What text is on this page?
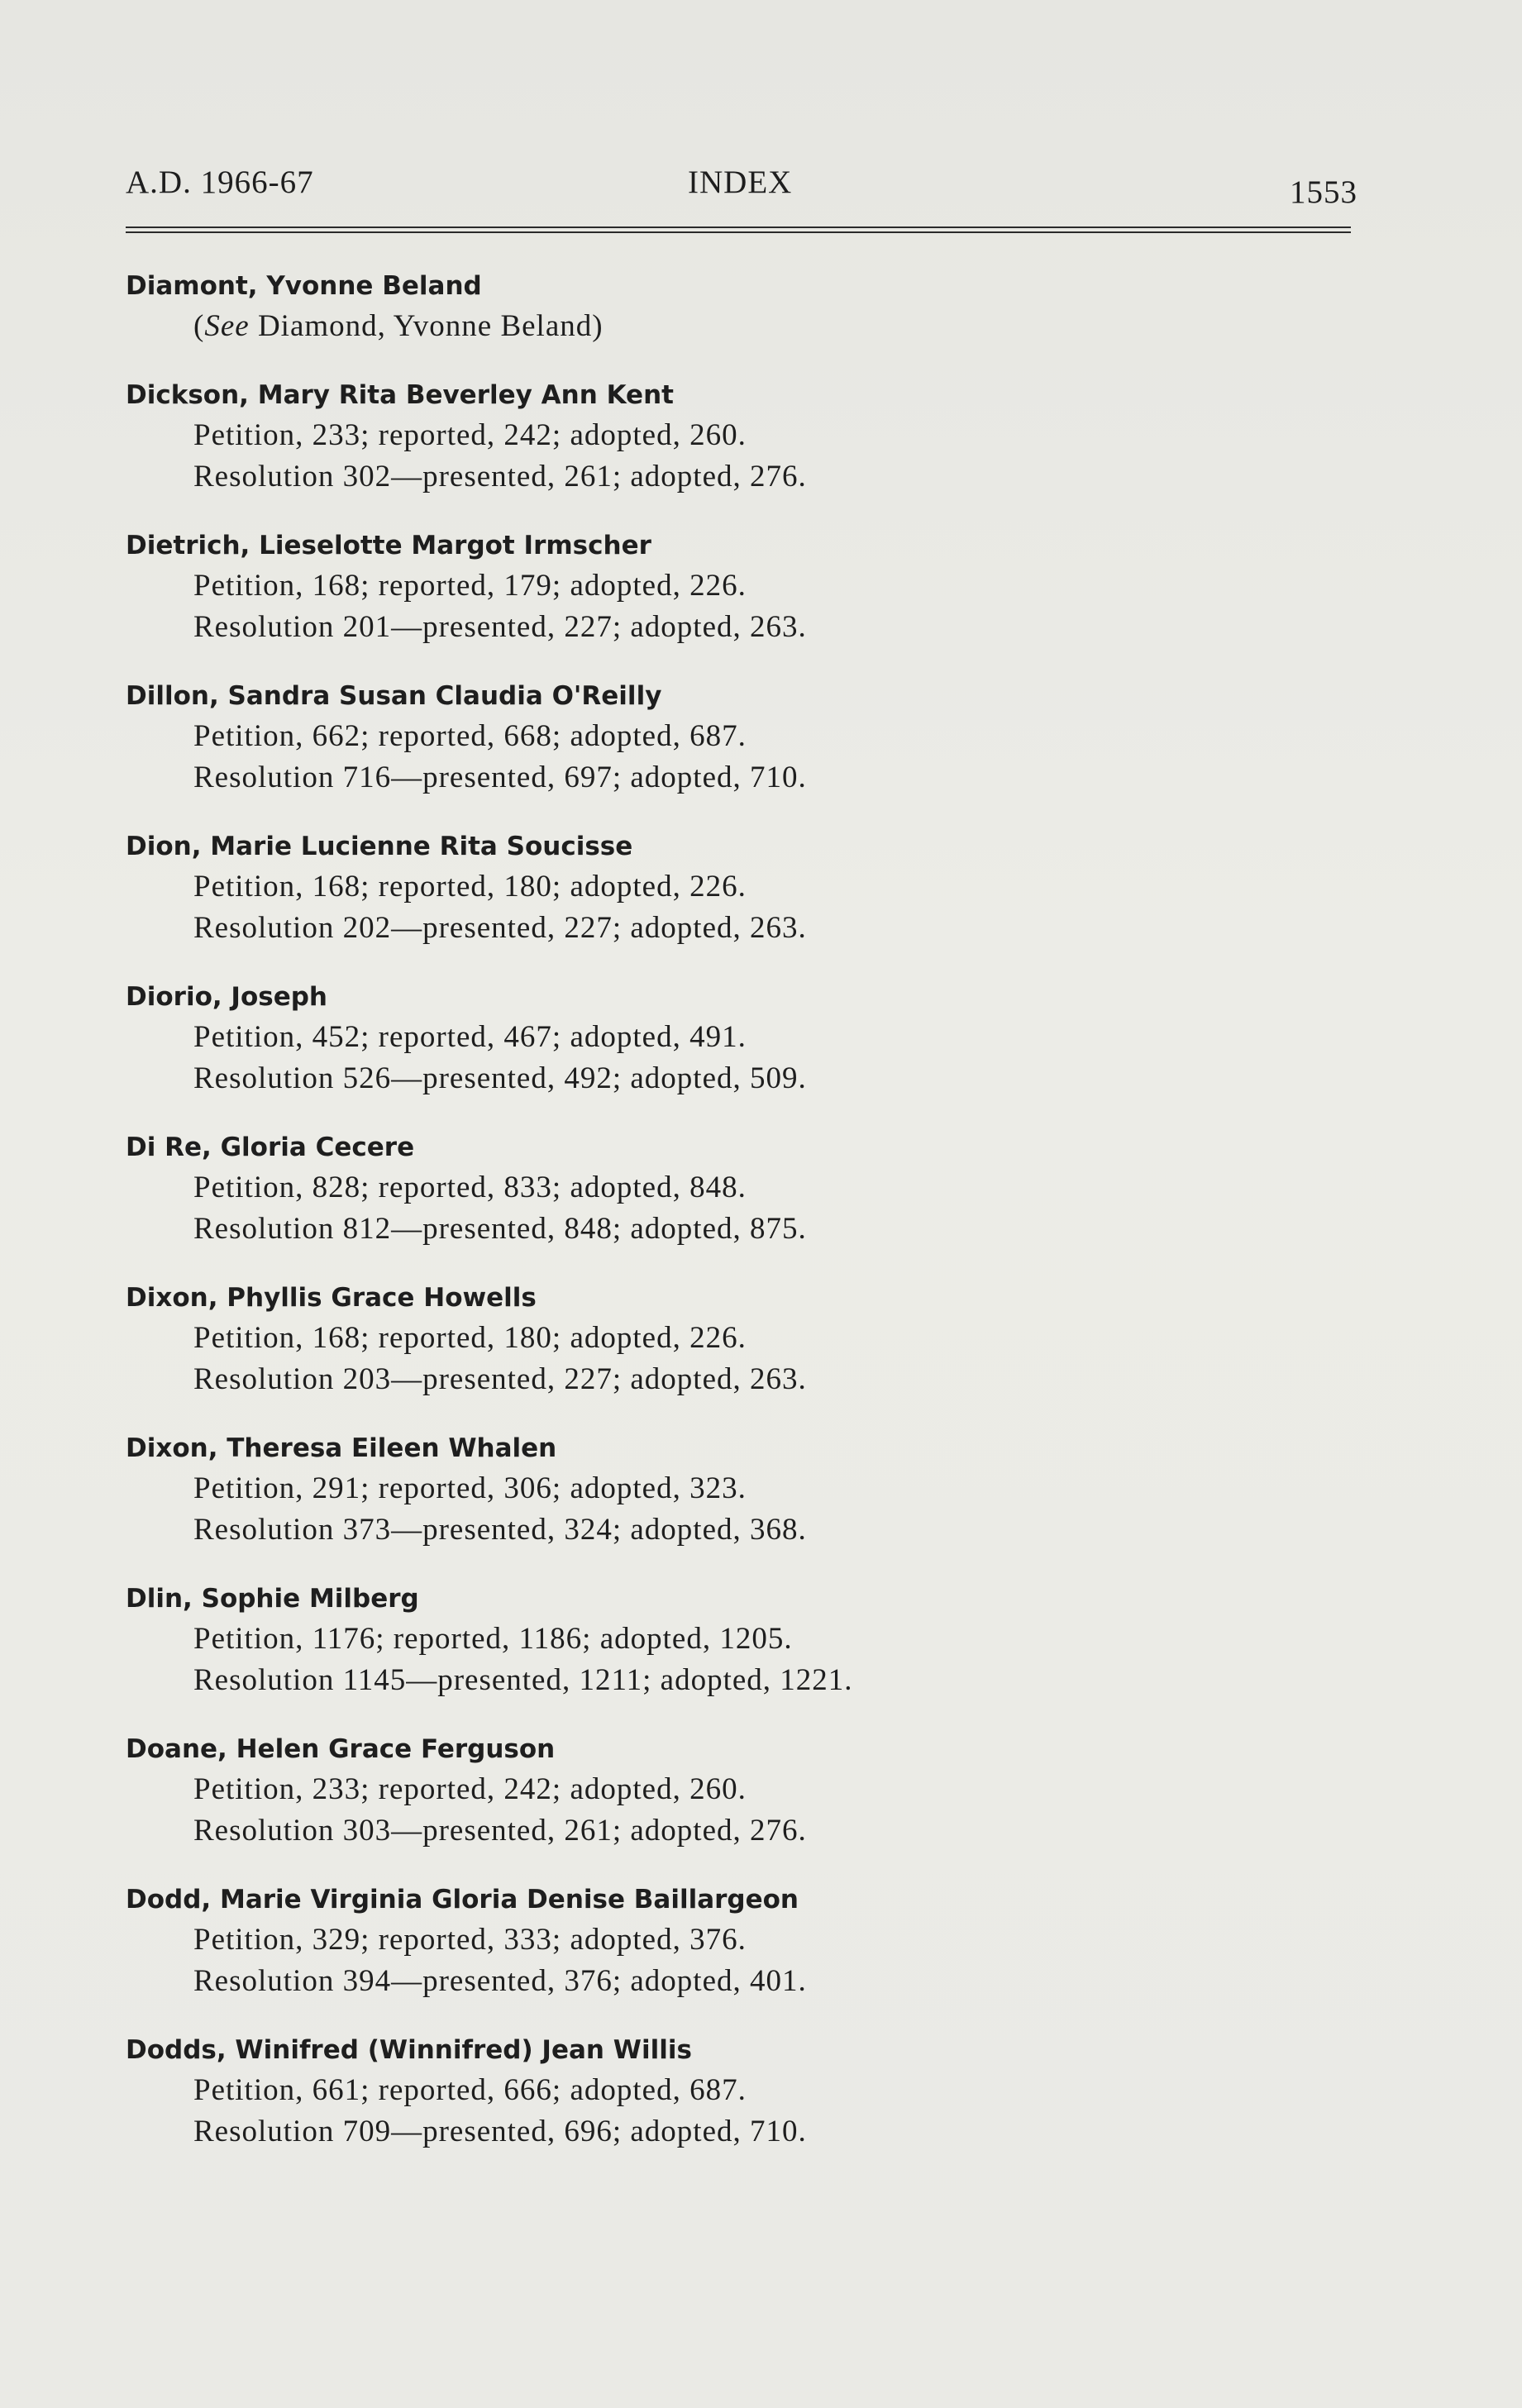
A.D. 1966-67	INDEX	1553
Diamont, Yvonne Beland
(See Diamond, Yvonne Beland)
Dickson, Mary Rita Beverley Ann Kent
Petition, 233; reported, 242; adopted, 260.
Resolution 302—presented, 261; adopted, 276.
Dietrich, Lieselotte Margot Irmscher
Petition, 168; reported, 179; adopted, 226.
Resolution 201—presented, 227; adopted, 263.
Dillon, Sandra Susan Claudia O'Reilly
Petition, 662; reported, 668; adopted, 687.
Resolution 716—presented, 697; adopted, 710.
Dion, Marie Lucienne Rita Soucisse
Petition, 168; reported, 180; adopted, 226.
Resolution 202—presented, 227; adopted, 263.
Diorio, Joseph
Petition, 452; reported, 467; adopted, 491.
Resolution 526—presented, 492; adopted, 509.
Di Re, Gloria Cecere
Petition, 828; reported, 833; adopted, 848.
Resolution 812—presented, 848; adopted, 875.
Dixon, Phyllis Grace Howells
Petition, 168; reported, 180; adopted, 226.
Resolution 203—presented, 227; adopted, 263.
Dixon, Theresa Eileen Whalen
Petition, 291; reported, 306; adopted, 323.
Resolution 373—presented, 324; adopted, 368.
Dlin, Sophie Milberg
Petition, 1176; reported, 1186; adopted, 1205.
Resolution 1145—presented, 1211; adopted, 1221.
Doane, Helen Grace Ferguson
Petition, 233; reported, 242; adopted, 260.
Resolution 303—presented, 261; adopted, 276.
Dodd, Marie Virginia Gloria Denise Baillargeon
Petition, 329; reported, 333; adopted, 376.
Resolution 394—presented, 376; adopted, 401.
Dodds, Winifred (Winnifred) Jean Willis
Petition, 661; reported, 666; adopted, 687.
Resolution 709—presented, 696; adopted, 710.
